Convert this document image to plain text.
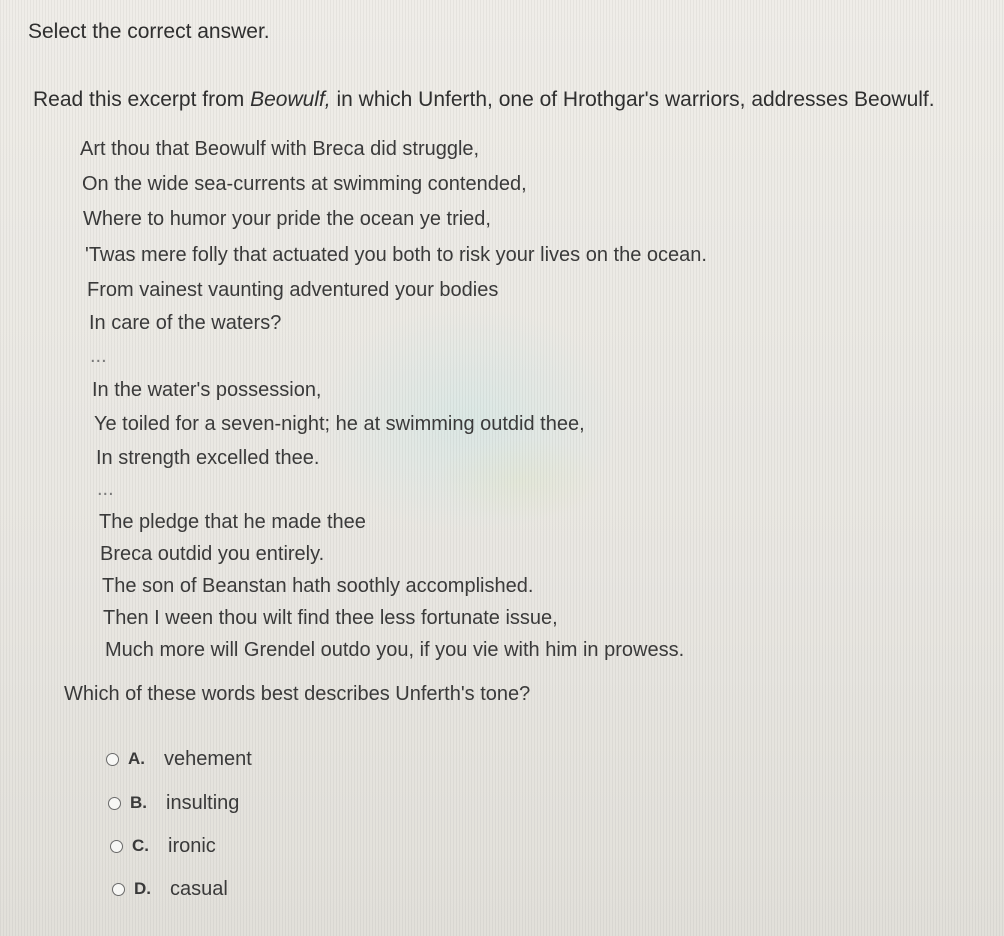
Select the correct answer.
Read this excerpt from Beowulf, in which Unferth, one of Hrothgar's warriors, addresses Beowulf.
Art thou that Beowulf with Breca did struggle,
On the wide sea-currents at swimming contended,
Where to humor your pride the ocean ye tried,
'Twas mere folly that actuated you both to risk your lives on the ocean.
From vainest vaunting adventured your bodies
In care of the waters?
...
In the water's possession,
Ye toiled for a seven-night; he at swimming outdid thee,
In strength excelled thee.
...
The pledge that he made thee
Breca outdid you entirely.
The son of Beanstan hath soothly accomplished.
Then I ween thou wilt find thee less fortunate issue,
Much more will Grendel outdo you, if you vie with him in prowess.
Which of these words best describes Unferth's tone?
A. vehement
B. insulting
C. ironic
D. casual
